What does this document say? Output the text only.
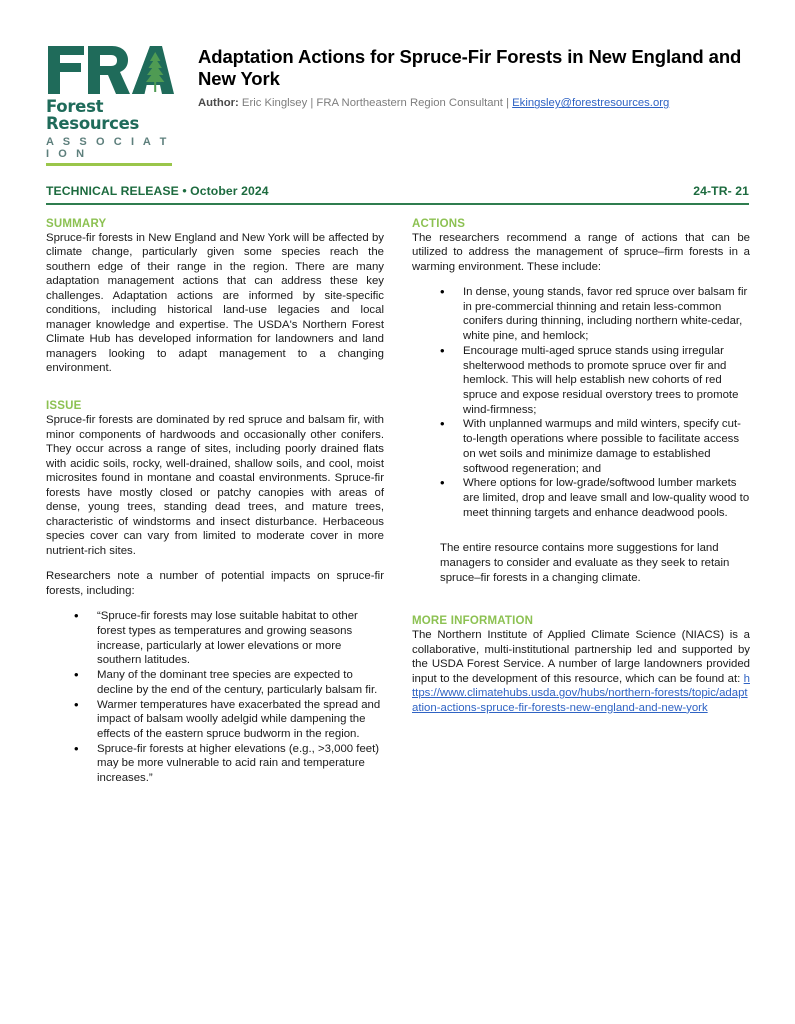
Forest Resources
A S S O C I A T I O N
Adaptation Actions for Spruce-Fir Forests in New England and New York
Author: Eric Kinglsey | FRA Northeastern Region Consultant | Ekingsley@forestresources.org
TECHNICAL RELEASE • October 2024	24-TR- 21
SUMMARY

Spruce-fir forests in New England and New York will be affected by climate change, particularly given some species reach the southern edge of their range in the region. There are many adaptation management actions that can address these key challenges. Adaptation actions are informed by site-specific conditions, including historical land-use legacies and local manager knowledge and expertise. The USDA's Northern Forest Climate Hub has developed information for landowners and land managers looking to adapt management to a changing environment.

ISSUE

Spruce-fir forests are dominated by red spruce and balsam fir, with minor components of hardwoods and occasionally other conifers. They occur across a range of sites, including poorly drained flats with acidic soils, rocky, well-drained, shallow soils, and cool, moist microsites found in montane and coastal environments. Spruce-fir forests have mostly closed or patchy canopies with areas of dense, young trees, standing dead trees, and mature trees, characteristic of windstorms and insect disturbance. Herbaceous species cover can vary from limited to moderate cover in more nutrient-rich sites.

Researchers note a number of potential impacts on spruce-fir forests, including:

• “Spruce-fir forests may lose suitable habitat to other forest types as temperatures and growing seasons increase, particularly at lower elevations or more southern latitudes.
• Many of the dominant tree species are expected to decline by the end of the century, particularly balsam fir.
• Warmer temperatures have exacerbated the spread and impact of balsam woolly adelgid while dampening the effects of the eastern spruce budworm in the region.
• Spruce-fir forests at higher elevations (e.g., >3,000 feet) may be more vulnerable to acid rain and temperature increases.”
ACTIONS

The researchers recommend a range of actions that can be utilized to address the management of spruce–firm forests in a warming environment. These include:

• In dense, young stands, favor red spruce over balsam fir in pre-commercial thinning and retain less-common conifers during thinning, including northern white-cedar, white pine, and hemlock;
• Encourage multi-aged spruce stands using irregular shelterwood methods to promote spruce over fir and hemlock. This will help establish new cohorts of red spruce and expose residual overstory trees to promote wind-firmness;
• With unplanned warmups and mild winters, specify cut-to-length operations where possible to facilitate access on wet soils and minimize damage to established softwood regeneration; and
• Where options for low-grade/softwood lumber markets are limited, drop and leave small and low-quality wood to meet thinning targets and enhance deadwood pools.

The entire resource contains more suggestions for land managers to consider and evaluate as they seek to retain spruce–fir forests in a changing climate.

MORE INFORMATION

The Northern Institute of Applied Climate Science (NIACS) is a collaborative, multi-institutional partnership led and supported by the USDA Forest Service. A number of large landowners provided input to the development of this resource, which can be found at: https://www.climatehubs.usda.gov/hubs/northern-forests/topic/adaptation-actions-spruce-fir-forests-new-england-and-new-york
